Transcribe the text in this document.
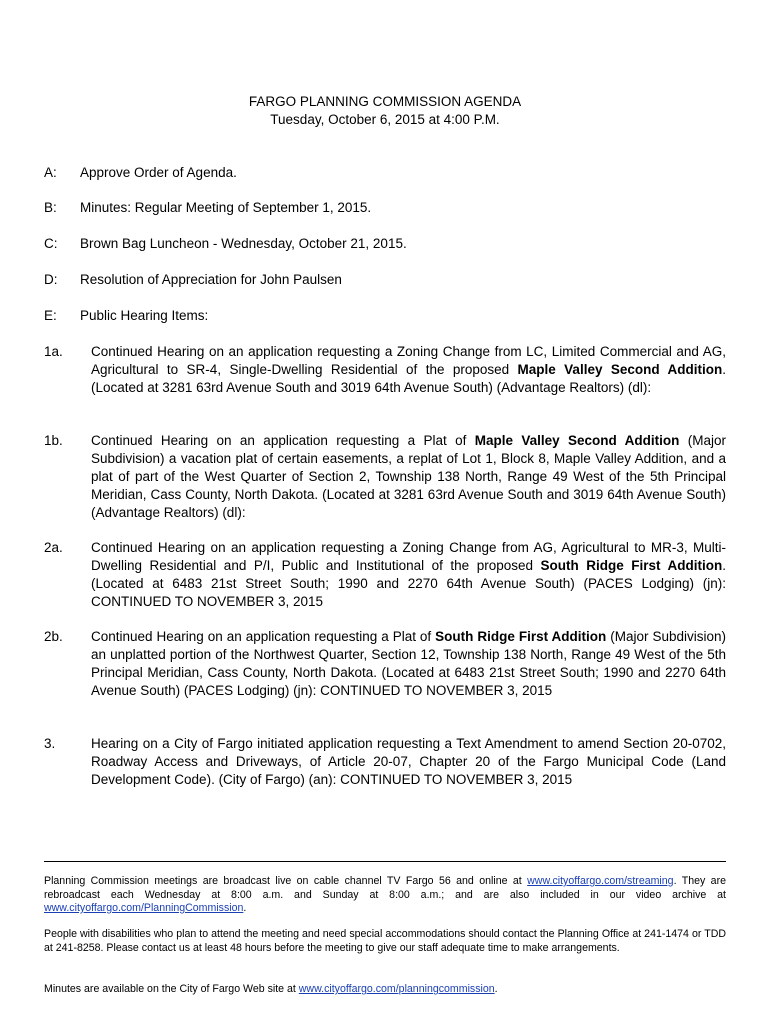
FARGO PLANNING COMMISSION AGENDA
Tuesday, October 6, 2015 at 4:00 P.M.
A: Approve Order of Agenda.
B: Minutes: Regular Meeting of September 1, 2015.
C: Brown Bag Luncheon - Wednesday, October 21, 2015.
D: Resolution of Appreciation for John Paulsen
E: Public Hearing Items:
1a. Continued Hearing on an application requesting a Zoning Change from LC, Limited Commercial and AG, Agricultural to SR-4, Single-Dwelling Residential of the proposed Maple Valley Second Addition. (Located at 3281 63rd Avenue South and 3019 64th Avenue South) (Advantage Realtors) (dl):
1b. Continued Hearing on an application requesting a Plat of Maple Valley Second Addition (Major Subdivision) a vacation plat of certain easements, a replat of Lot 1, Block 8, Maple Valley Addition, and a plat of part of the West Quarter of Section 2, Township 138 North, Range 49 West of the 5th Principal Meridian, Cass County, North Dakota. (Located at 3281 63rd Avenue South and 3019 64th Avenue South) (Advantage Realtors) (dl):
2a. Continued Hearing on an application requesting a Zoning Change from AG, Agricultural to MR-3, Multi-Dwelling Residential and P/I, Public and Institutional of the proposed South Ridge First Addition. (Located at 6483 21st Street South; 1990 and 2270 64th Avenue South) (PACES Lodging) (jn): CONTINUED TO NOVEMBER 3, 2015
2b. Continued Hearing on an application requesting a Plat of South Ridge First Addition (Major Subdivision) an unplatted portion of the Northwest Quarter, Section 12, Township 138 North, Range 49 West of the 5th Principal Meridian, Cass County, North Dakota. (Located at 6483 21st Street South; 1990 and 2270 64th Avenue South) (PACES Lodging) (jn): CONTINUED TO NOVEMBER 3, 2015
3.	Hearing on a City of Fargo initiated application requesting a Text Amendment to amend Section 20-0702, Roadway Access and Driveways, of Article 20-07, Chapter 20 of the Fargo Municipal Code (Land Development Code). (City of Fargo) (an): CONTINUED TO NOVEMBER 3, 2015
Planning Commission meetings are broadcast live on cable channel TV Fargo 56 and online at www.cityoffargo.com/streaming. They are rebroadcast each Wednesday at 8:00 a.m. and Sunday at 8:00 a.m.; and are also included in our video archive at www.cityoffargo.com/PlanningCommission.
People with disabilities who plan to attend the meeting and need special accommodations should contact the Planning Office at 241-1474 or TDD at 241-8258. Please contact us at least 48 hours before the meeting to give our staff adequate time to make arrangements.
Minutes are available on the City of Fargo Web site at www.cityoffargo.com/planningcommission.
